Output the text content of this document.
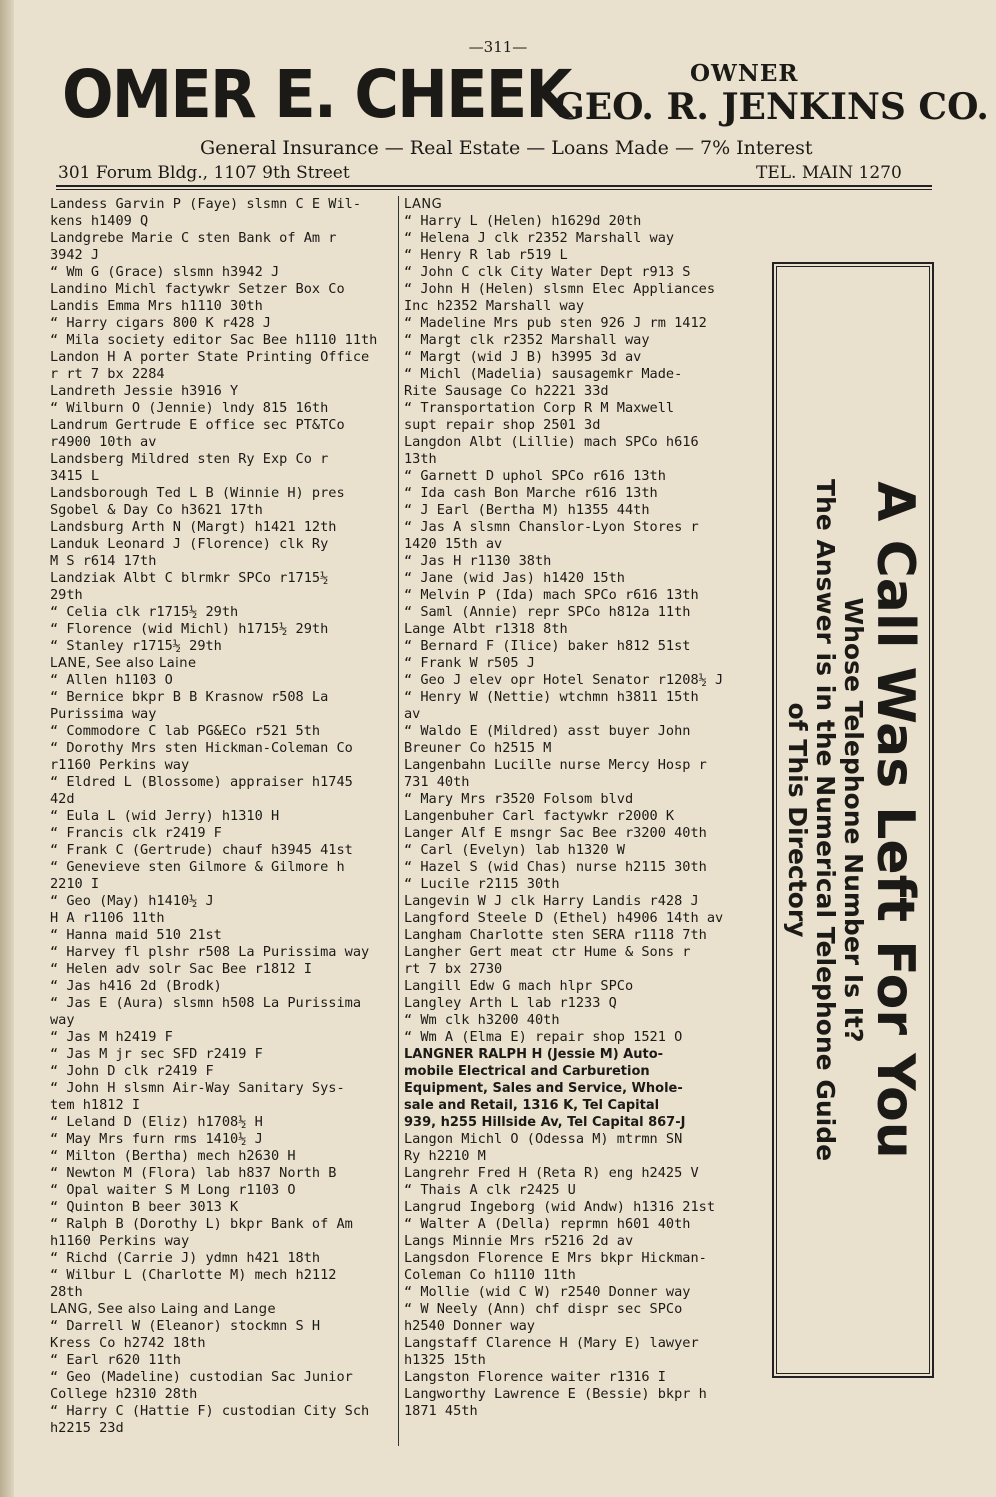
—311—
OMER E. CHEEK	OWNER
GEO. R. JENKINS CO.
General Insurance — Real Estate — Loans Made — 7% Interest
301 Forum Bldg., 1107 9th Street	TEL. MAIN 1270
Landess Garvin P (Faye) slsmn C E Wil-
kens h1409 Q
Landgrebe Marie C sten Bank of Am r
3942 J
“ Wm G (Grace) slsmn h3942 J
Landino Michl factywkr Setzer Box Co
Landis Emma Mrs h1110 30th
“ Harry cigars 800 K r428 J
“ Mila society editor Sac Bee h1110 11th
Landon H A porter State Printing Office
r rt 7 bx 2284
Landreth Jessie h3916 Y
“ Wilburn O (Jennie) lndy 815 16th
Landrum Gertrude E office sec PT&TCo
r4900 10th av
Landsberg Mildred sten Ry Exp Co r
3415 L
Landsborough Ted L B (Winnie H) pres
Sgobel & Day Co h3621 17th
Landsburg Arth N (Margt) h1421 12th
Landuk Leonard J (Florence) clk Ry
M S r614 17th
Landziak Albt C blrmkr SPCo r1715½
29th
“ Celia clk r1715½ 29th
“ Florence (wid Michl) h1715½ 29th
“ Stanley r1715½ 29th
LANE, See also Laine
“ Allen h1103 O
“ Bernice bkpr B B Krasnow r508 La
Purissima way
“ Commodore C lab PG&ECo r521 5th
“ Dorothy Mrs sten Hickman-Coleman Co
r1160 Perkins way
“ Eldred L (Blossome) appraiser h1745
42d
“ Eula L (wid Jerry) h1310 H
“ Francis clk r2419 F
“ Frank C (Gertrude) chauf h3945 41st
“ Genevieve sten Gilmore & Gilmore h
2210 I
“ Geo (May) h1410½ J
H A r1106 11th
“ Hanna maid 510 21st
“ Harvey fl plshr r508 La Purissima way
“ Helen adv solr Sac Bee r1812 I
“ Jas h416 2d (Brodk)
“ Jas E (Aura) slsmn h508 La Purissima
way
“ Jas M h2419 F
“ Jas M jr sec SFD r2419 F
“ John D clk r2419 F
“ John H slsmn Air-Way Sanitary Sys-
tem h1812 I
“ Leland D (Eliz) h1708½ H
“ May Mrs furn rms 1410½ J
“ Milton (Bertha) mech h2630 H
“ Newton M (Flora) lab h837 North B
“ Opal waiter S M Long r1103 O
“ Quinton B beer 3013 K
“ Ralph B (Dorothy L) bkpr Bank of Am
h1160 Perkins way
“ Richd (Carrie J) ydmn h421 18th
“ Wilbur L (Charlotte M) mech h2112
28th
LANG, See also Laing and Lange
“ Darrell W (Eleanor) stockmn S H
Kress Co h2742 18th
“ Earl r620 11th
“ Geo (Madeline) custodian Sac Junior
College h2310 28th
“ Harry C (Hattie F) custodian City Sch
h2215 23d
LANG
“ Harry L (Helen) h1629d 20th
“ Helena J clk r2352 Marshall way
“ Henry R lab r519 L
“ John C clk City Water Dept r913 S
“ John H (Helen) slsmn Elec Appliances
Inc h2352 Marshall way
“ Madeline Mrs pub sten 926 J rm 1412
“ Margt clk r2352 Marshall way
“ Margt (wid J B) h3995 3d av
“ Michl (Madelia) sausagemkr Made-
Rite Sausage Co h2221 33d
“ Transportation Corp R M Maxwell
supt repair shop 2501 3d
Langdon Albt (Lillie) mach SPCo h616
13th
“ Garnett D uphol SPCo r616 13th
“ Ida cash Bon Marche r616 13th
“ J Earl (Bertha M) h1355 44th
“ Jas A slsmn Chanslor-Lyon Stores r
1420 15th av
“ Jas H r1130 38th
“ Jane (wid Jas) h1420 15th
“ Melvin P (Ida) mach SPCo r616 13th
“ Saml (Annie) repr SPCo h812a 11th
Lange Albt r1318 8th
“ Bernard F (Ilice) baker h812 51st
“ Frank W r505 J
“ Geo J elev opr Hotel Senator r1208½ J
“ Henry W (Nettie) wtchmn h3811 15th
av
“ Waldo E (Mildred) asst buyer John
Breuner Co h2515 M
Langenbahn Lucille nurse Mercy Hosp r
731 40th
“ Mary Mrs r3520 Folsom blvd
Langenbuher Carl factywkr r2000 K
Langer Alf E msngr Sac Bee r3200 40th
“ Carl (Evelyn) lab h1320 W
“ Hazel S (wid Chas) nurse h2115 30th
“ Lucile r2115 30th
Langevin W J clk Harry Landis r428 J
Langford Steele D (Ethel) h4906 14th av
Langham Charlotte sten SERA r1118 7th
Langher Gert meat ctr Hume & Sons r
rt 7 bx 2730
Langill Edw G mach hlpr SPCo
Langley Arth L lab r1233 Q
“ Wm clk h3200 40th
“ Wm A (Elma E) repair shop 1521 O
LANGNER RALPH H (Jessie M) Auto-
mobile Electrical and Carburetion
Equipment, Sales and Service, Whole-
sale and Retail, 1316 K, Tel Capital
939, h255 Hillside Av, Tel Capital 867-J
Langon Michl O (Odessa M) mtrmn SN
Ry h2210 M
Langrehr Fred H (Reta R) eng h2425 V
“ Thais A clk r2425 U
Langrud Ingeborg (wid Andw) h1316 21st
“ Walter A (Della) reprmn h601 40th
Langs Minnie Mrs r5216 2d av
Langsdon Florence E Mrs bkpr Hickman-
Coleman Co h1110 11th
“ Mollie (wid C W) r2540 Donner way
“ W Neely (Ann) chf dispr sec SPCo
h2540 Donner way
Langstaff Clarence H (Mary E) lawyer
h1325 15th
Langston Florence waiter r1316 I
Langworthy Lawrence E (Bessie) bkpr h
1871 45th
A Call Was Left For You
Whose Telephone Number Is It?
The Answer is in the Numerical Telephone Guide
of This Directory
